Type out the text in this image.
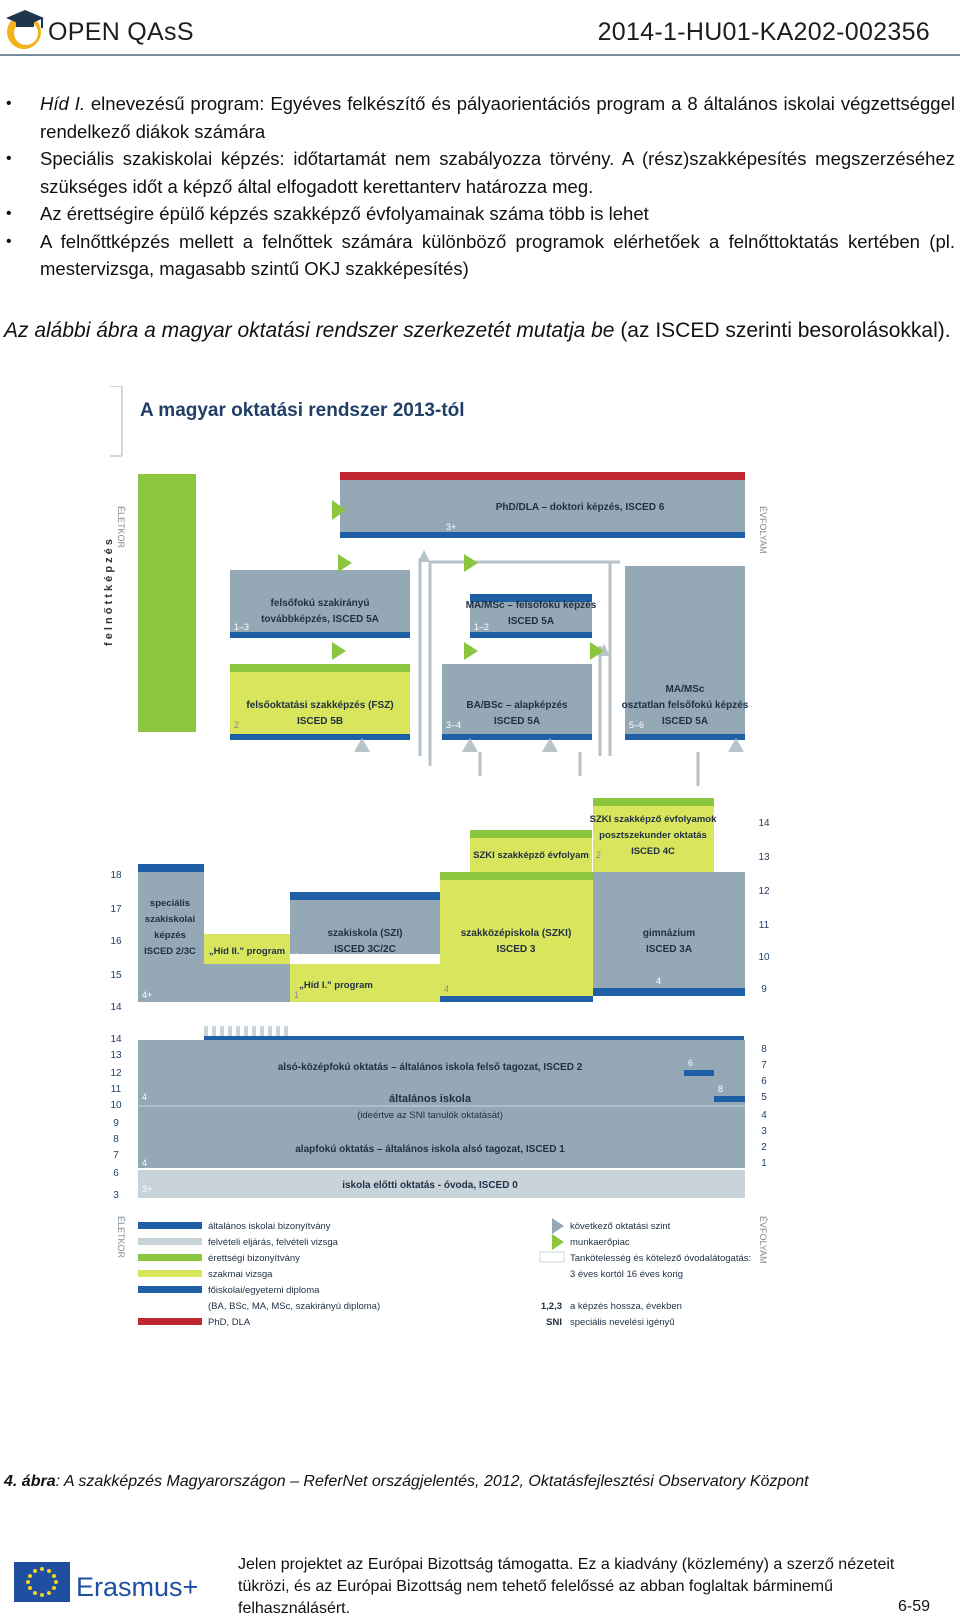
OPEN QAsS	2014-1-HU01-KA202-002356
• Híd I. elnevezésű program: Egyéves felkészítő és pályaorientációs program a 8 általános iskolai végzettséggel rendelkező diákok számára
• Speciális szakiskolai képzés: időtartamát nem szabályozza törvény. A (rész)szakképesítés megszerzéséhez szükséges időt a képző által elfogadott kerettanterv határozza meg.
• Az érettségire épülő képzés szakképző évfolyamainak száma több is lehet
• A felnőttképzés mellett a felnőttek számára különböző programok elérhetőek a felnőttoktatás kertében (pl. mestervizsga, magasabb szintű OKJ szakképesítés)
Az alábbi ábra a magyar oktatási rendszer szerkezetét mutatja be (az ISCED szerinti besorolásokkal).
A magyar oktatási rendszer 2013-tól
ÉLETKOR	ÉVFOLYAM
f e l n ő t t k é p z é s
PhD/DLA – doktori képzés, ISCED 6
3+
felsőfokú szakirányú
továbbképzés, ISCED 5A
1–3
MA/MSc – felsőfokú képzés
ISCED 5A
1–2
MA/MSc
osztatlan felsőfokú képzés
ISCED 5A
5–6
felsőoktatási szakképzés (FSZ)
ISCED 5B
2
BA/BSc – alapképzés
ISCED 5A
3–4
SZKI szakképző évfolyamok
posztszekunder oktatás
ISCED 4C
2
SZKI szakképző évfolyam
14
13
12
11
10
9
18
17
16
15
14
speciális
szakiskolai
képzés
ISCED 2/3C
4+
„Híd II." program
szakiskola (SZI)
ISCED 3C/2C
3
„Híd I." program
1
szakközépiskola (SZKI)
ISCED 3
4
gimnázium
ISCED 3A
4
6
8
alsó-középfokú oktatás – általános iskola felső tagozat, ISCED 2
általános iskola
(ideértve az SNI tanulók oktatását)
alapfokú oktatás – általános iskola alsó tagozat, ISCED 1
4
4
iskola előtti oktatás - óvoda, ISCED 0
3+
14
13
12
11
10
9
8
7
6
3
8
7
6
5
4
3
2
1
ÉLETKOR	ÉVFOLYAM
általános iskolai bizonyítvány
felvételi eljárás, felvételi vizsga
érettségi bizonyítvány
szakmai vizsga
főiskolai/egyetemi diploma
(BA, BSc, MA, MSc, szakirányú diploma)
PhD, DLA
következő oktatási szint
munkaerőpiac
Tankötelesség és kötelező óvodalátogatás:
3 éves kortól 16 éves korig
1,2,3 a képzés hossza, években
SNI speciális nevelési igényű
4. ábra: A szakképzés Magyarországon – ReferNet országjelentés, 2012, Oktatásfejlesztési Observatory Központ
Erasmus+
Jelen projektet az Európai Bizottság támogatta. Ez a kiadvány (közlemény) a szerző nézeteit tükrözi, és az Európai Bizottság nem tehető felelőssé az abban foglaltak bárminemű felhasználásért.	6-59
